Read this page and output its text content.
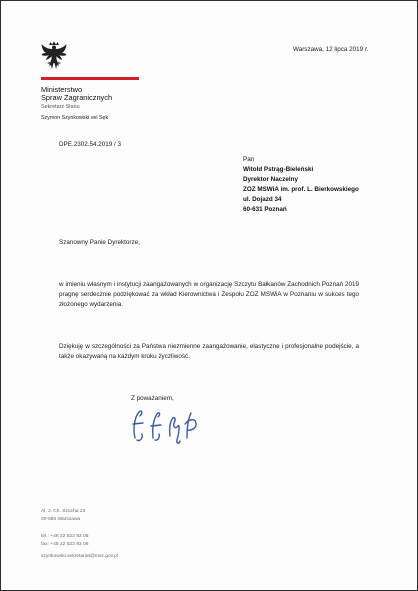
Ministerstwo
Spraw Zagranicznych
Sekretarz Stanu
Szymon Szynkowski vel Sęk
Warszawa, 12 lipca 2019 r.
DPE.2302.54.2019 / 3
Pan
Witold Pstrąg-Bieleński
Dyrektor Naczelny
ZOZ MSWiA im. prof. L. Bierkowskiego
ul. Dojazd 34
60-631 Poznań
Szanowny Panie Dyrektorze,
w imieniu własnym i instytucji zaangażowanych w organizację Szczytu Bałkanów Zachodnich Poznań 2019 pragnę serdecznie podziękować za wkład Kierownictwa i Zespołu ZOZ MSWiA w Poznaniu w sukces tego złożonego wydarzenia.
Dziękuję w szczególności za Państwa niezmienne zaangażowanie, elastyczne i profesjonalne podejście, a także okazywaną na każdym kroku życzliwość.
Z poważaniem,
Al. J. Ch. Szucha 23
00-580 Warszawa
tel.: +48 22 523 93 08
fax: +48 22 523 93 08
szynkowski.sekretariat@msz.gov.pl
